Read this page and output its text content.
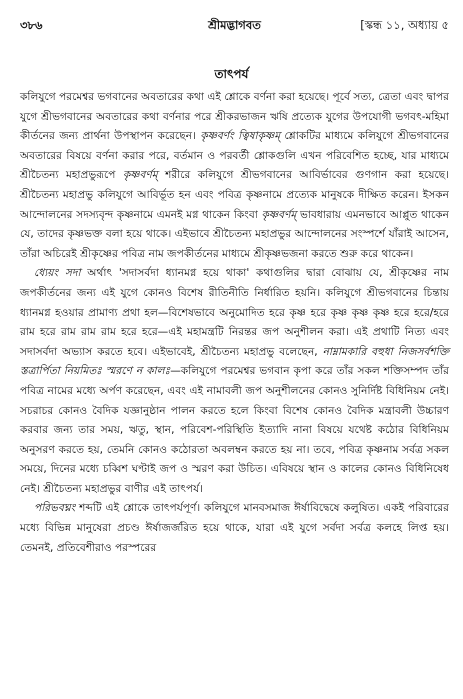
৩৮৬	শ্রীমদ্ভাগবত	[স্কন্ধ ১১, অধ্যায় ৫
তাৎপর্য

কলিযুগে পরমেশ্বর ভগবানের অবতারের কথা এই শ্লোকে বর্ণনা করা হয়েছে। পূর্বে সত্য, ত্রেতা এবং দ্বাপর যুগে শ্রীভগবানের অবতারের কথা বর্ণনার পরে শ্রীকরভাজন ঋষি প্রত্যেক যুগের উপযোগী ভগবৎ-মহিমা কীর্তনের জন্য প্রার্থনা উপস্থাপন করেছেন। কৃষ্ণবর্ণং ত্বিষাকৃষ্ণম্ শ্লোকটির মাধ্যমে কলিযুগে শ্রীভগবানের অবতারের বিষয়ে বর্ণনা করার পরে, বর্তমান ও পরবর্তী শ্লোকগুলি এখন পরিবেশিত হচ্ছে, যার মাধ্যমে শ্রীচৈতন্য মহাপ্রভুরূপে কৃষ্ণবর্ণম্ শরীরে কলিযুগে শ্রীভগবানের আবির্ভাবের গুণগান করা হয়েছে। শ্রীচৈতন্য মহাপ্রভু কলিযুগে আবির্ভূত হন এবং পবিত্র কৃষ্ণনামে প্রত্যেক মানুষকে দীক্ষিত করেন। ইসকন আন্দোলনের সদস্যবৃন্দ কৃষ্ণনামে এমনই মগ্ন থাকেন কিংবা কৃষ্ণবর্ণম্ ভাবধারায় এমনভাবে আপ্লুত থাকেন যে, তাদের কৃষ্ণভক্ত বলা হয়ে থাকে। এইভাবে শ্রীচৈতন্য মহাপ্রভুর আন্দোলনের সংস্পর্শে যাঁরাই আসেন, তাঁরা অচিরেই শ্রীকৃষ্ণের পবিত্র নাম জপকীর্তনের মাধ্যমে শ্রীকৃষ্ণভজনা করতে শুরু করে থাকেন।

ধ্যেয়ং সদা অর্থাৎ 'সদাসর্বদা ধ্যানমগ্ন হয়ে থাকা' কথাগুলির দ্বারা বোঝায় যে, শ্রীকৃষ্ণের নাম জপকীর্তনের জন্য এই যুগে কোনও বিশেষ রীতিনীতি নির্ধারিত হয়নি। কলিযুগে শ্রীভগবানের চিন্তায় ধ্যানমগ্ন হওয়ার প্রামাণ্য প্রথা হল—বিশেষভাবে অনুমোদিত হরে কৃষ্ণ হরে কৃষ্ণ কৃষ্ণ কৃষ্ণ হরে হরে/হরে রাম হরে রাম রাম রাম হরে হরে—এই মহামন্ত্রটি নিরন্তর জপ অনুশীলন করা। এই প্রথাটি নিত্য এবং সদাসর্বদা অভ্যাস করতে হবে। এইভাবেই, শ্রীচৈতন্য মহাপ্রভু বলেছেন, নাম্নামকারি বহুধা নিজসর্বশক্তি স্তত্রার্পিতা নিয়মিতঃ স্মরণে ন কালঃ—কলিযুগে পরমেশ্বর ভগবান কৃপা করে তাঁর সকল শক্তিসম্পদ তাঁর পবিত্র নামের মধ্যে অর্পণ করেছেন, এবং এই নামাবলী জপ অনুশীলনের কোনও সুনির্দিষ্ট বিধিনিয়ম নেই। সচরাচর কোনও বৈদিক যজ্ঞানুষ্ঠান পালন করতে হলে কিংবা বিশেষ কোনও বৈদিক মন্ত্রাবলী উচ্চারণ করবার জন্য তার সময়, ঋতু, স্থান, পরিবেশ-পরিস্থিতি ইত্যাদি নানা বিষয়ে যথেষ্ট কঠোর বিধিনিয়ম অনুসরণ করতে হয়, তেমনি কোনও কঠোরতা অবলম্বন করতে হয় না। তবে, পবিত্র কৃষ্ণনাম সর্বত্র সকল সময়ে, দিনের মধ্যে চব্বিশ ঘণ্টাই জপ ও স্মরণ করা উচিত। এবিষয়ে স্থান ও কালের কোনও বিধিনিষেধ নেই। শ্রীচৈতন্য মহাপ্রভুর বাণীর এই তাৎপর্য।

পরিভবঘ্নং শব্দটি এই শ্লোকে তাৎপর্যপূর্ণ। কলিযুগে মানবসমাজ ঈর্ষাবিদ্বেষে কলুষিত। একই পরিবারের মধ্যে বিভিন্ন মানুষেরা প্রচণ্ড ঈর্ষাজর্জরিত হয়ে থাকে, যারা এই যুগে সর্বদা সর্বত্র কলহে লিপ্ত হয়। তেমনই, প্রতিবেশীরাও পরস্পরের
